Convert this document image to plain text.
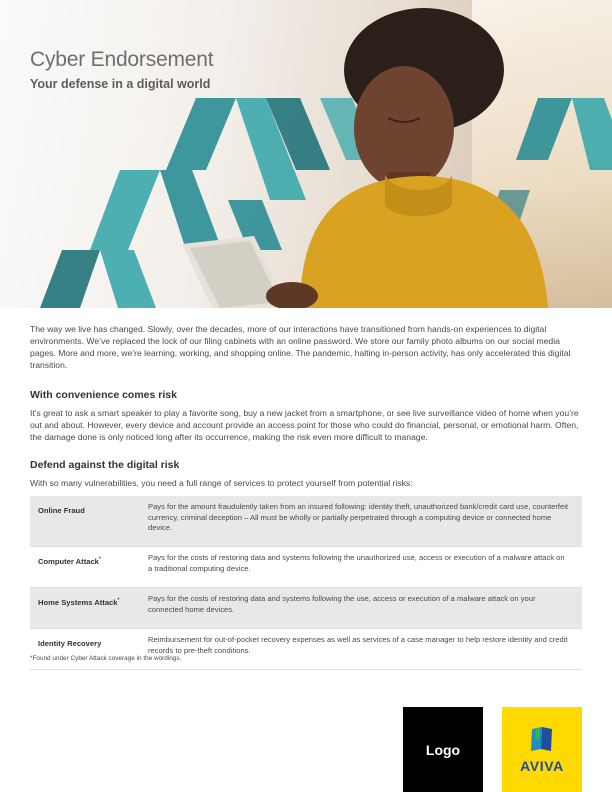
Cyber Endorsement

Your defense in a digital world

The way we live has changed. Slowly, over the decades, more of our interactions have transitioned from hands-on experiences to digital environments. We’ve replaced the lock of our filing cabinets with an online password. We store our family photo albums on our social media pages. More and more, we’re learning, working, and shopping online. The pandemic, halting in-person activity, has only accelerated this digital transition.

With convenience comes risk

It’s great to ask a smart speaker to play a favorite song, buy a new jacket from a smartphone, or see live surveillance video of home when you’re out and about. However, every device and account provide an access point for those who could do financial, personal, or emotional harm. Often, the damage done is only noticed long after its occurrence, making the risk even more difficult to manage.

Defend against the digital risk

With so many vulnerabilities, you need a full range of services to protect yourself from potential risks:

Online Fraud	Pays for the amount fraudulently taken from an insured following: identity theft, unauthorized bank/credit card use, counterfeit currency, criminal deception – All must be wholly or partially perpetrated through a computing device or connected home device.
Computer Attack*	Pays for the costs of restoring data and systems following the unauthorized use, access or execution of a malware attack on a traditional computing device.
Home Systems Attack*	Pays for the costs of restoring data and systems following the use, access or execution of a malware attack on your connected home devices.
Identity Recovery	Reimbursement for out-of-pocket recovery expenses as well as services of a case manager to help restore identity and credit records to pre-theft conditions.

*Found under Cyber Attack coverage in the wordings.

Logo
AVIVA
